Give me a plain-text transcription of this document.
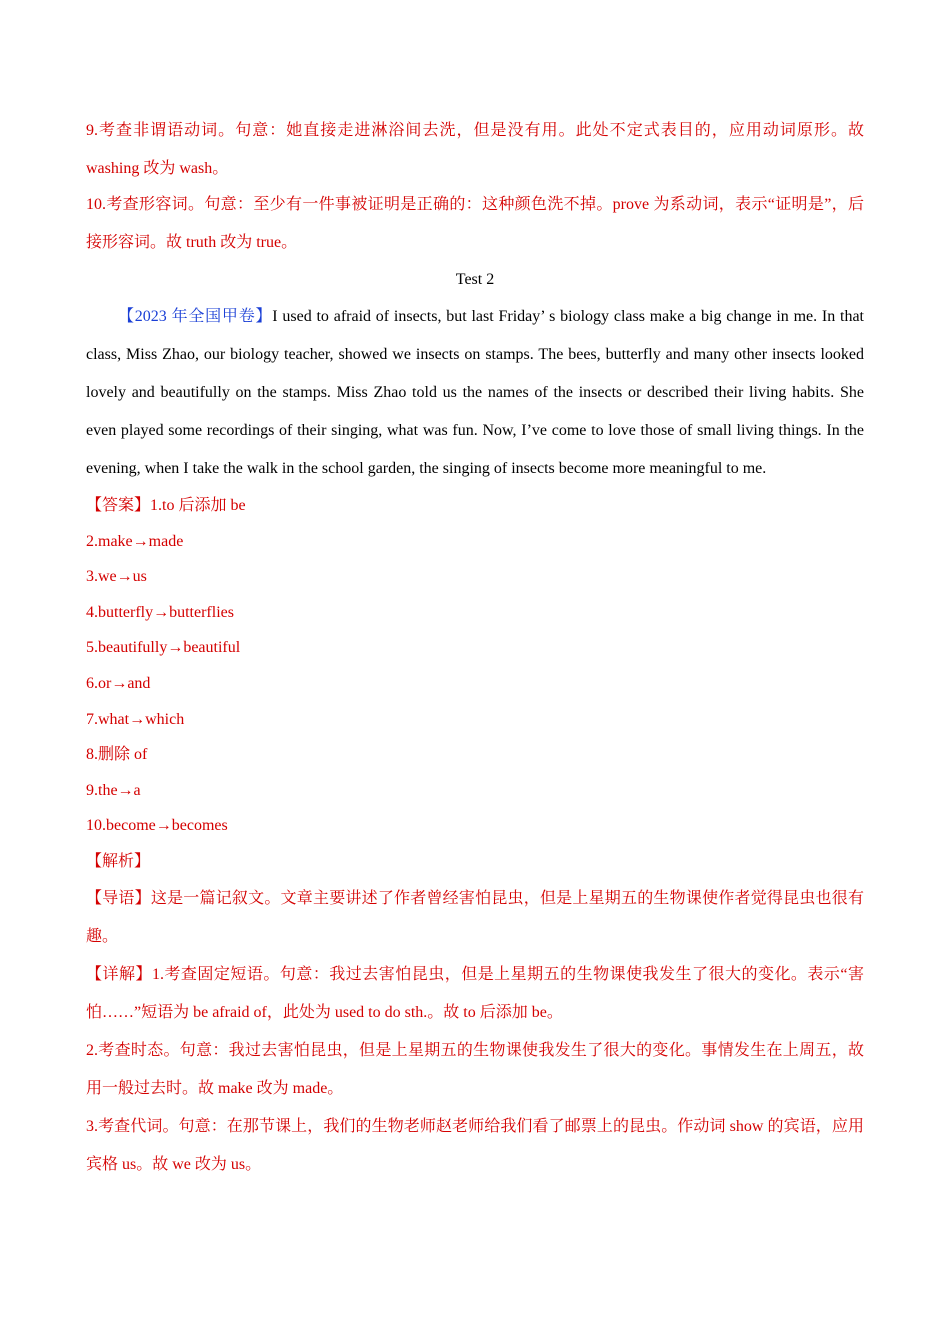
9.考查非谓语动词。句意：她直接走进淋浴间去洗，但是没有用。此处不定式表目的，应用动词原形。故washing 改为 wash。

10.考查形容词。句意：至少有一件事被证明是正确的：这种颜色洗不掉。prove 为系动词，表示“证明是”，后接形容词。故 truth 改为 true。

Test 2

【2023 年全国甲卷】I used to afraid of insects, but last Friday’ s biology class make a big change in me. In that class, Miss Zhao, our biology teacher, showed we insects on stamps. The bees, butterfly and many other insects looked lovely and beautifully on the stamps. Miss Zhao told us the names of the insects or described their living habits. She even played some recordings of their singing, what was fun. Now, I’ve come to love those of small living things. In the evening, when I take the walk in the school garden, the singing of insects become more meaningful to me.

【答案】1.to 后添加 be
2.make→made
3.we→us
4.butterfly→butterflies
5.beautifully→beautiful
6.or→and
7.what→which
8.删除 of
9.the→a
10.become→becomes
【解析】

【导语】这是一篇记叙文。文章主要讲述了作者曾经害怕昆虫，但是上星期五的生物课使作者觉得昆虫也很有趣。

【详解】1.考查固定短语。句意：我过去害怕昆虫，但是上星期五的生物课使我发生了很大的变化。表示“害怕……”短语为 be afraid of，此处为 used to do sth.。故 to 后添加 be。

2.考查时态。句意：我过去害怕昆虫，但是上星期五的生物课使我发生了很大的变化。事情发生在上周五，故用一般过去时。故 make 改为 made。

3.考查代词。句意：在那节课上，我们的生物老师赵老师给我们看了邮票上的昆虫。作动词 show 的宾语，应用宾格 us。故 we 改为 us。
